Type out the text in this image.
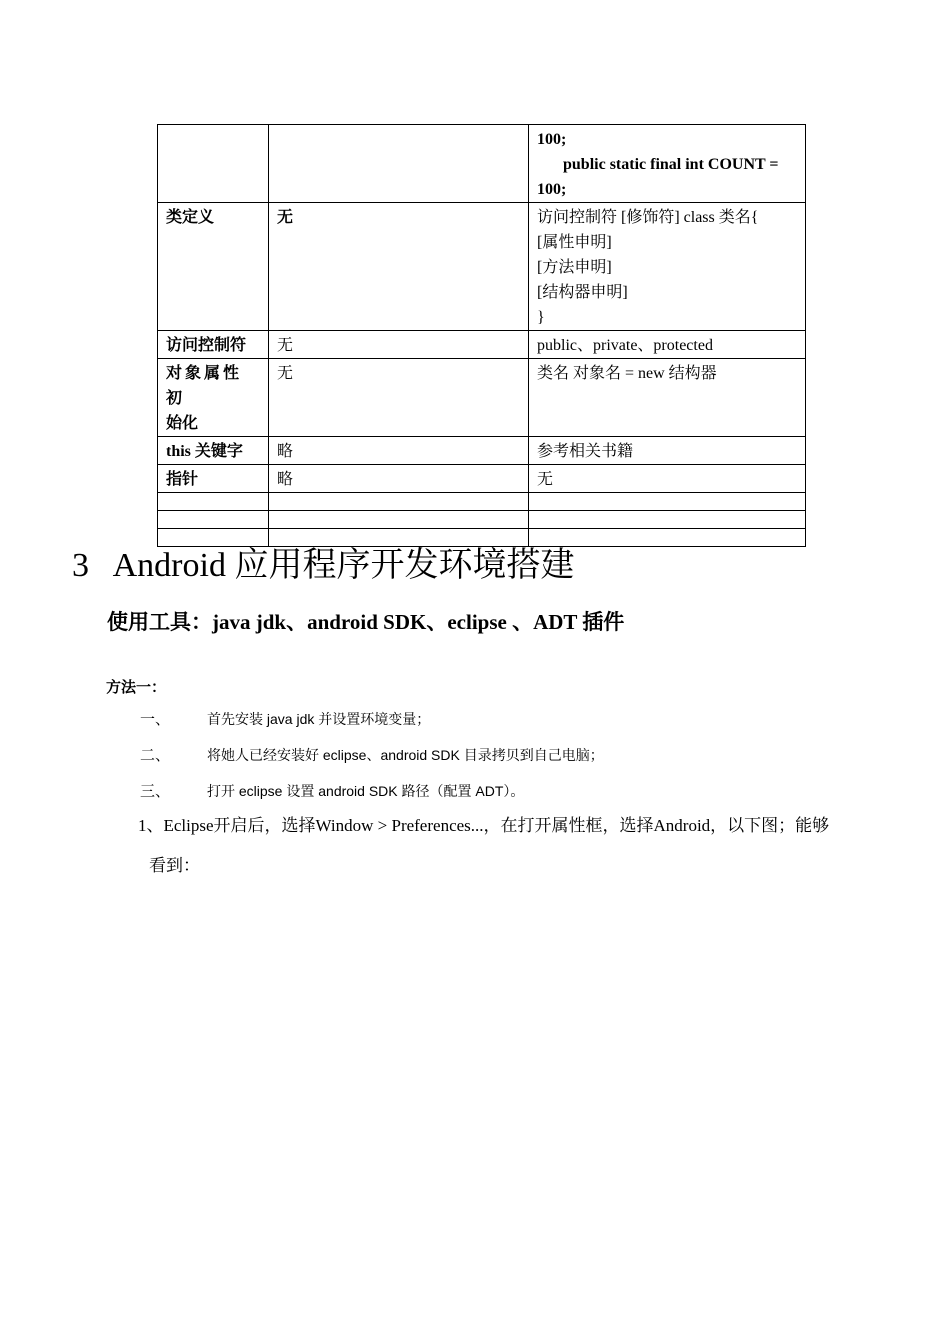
		100;
public static final int COUNT =
100;

类定义	无	访问控制符 [修饰符] class 类名{
[属性申明]
[方法申明]
[结构器申明]
}

访问控制符	无	public、private、protected

对象属性初
始化	无	类名 对象名 = new 结构器
this 关键字	略	参考相关书籍
指针	略	无

3 Android 应用程序开发环境搭建
使用工具：java jdk、android SDK、eclipse 、ADT 插件
方法一：
一、	首先安装 java jdk 并设置环境变量；
二、	将她人已经安装好 eclipse、android SDK 目录拷贝到自己电脑；
三、	打开 eclipse 设置 android SDK 路径（配置 ADT）。
1、Eclipse开启后，选择Window > Preferences...，在打开属性框，选择Android，以下图；能够
看到：
